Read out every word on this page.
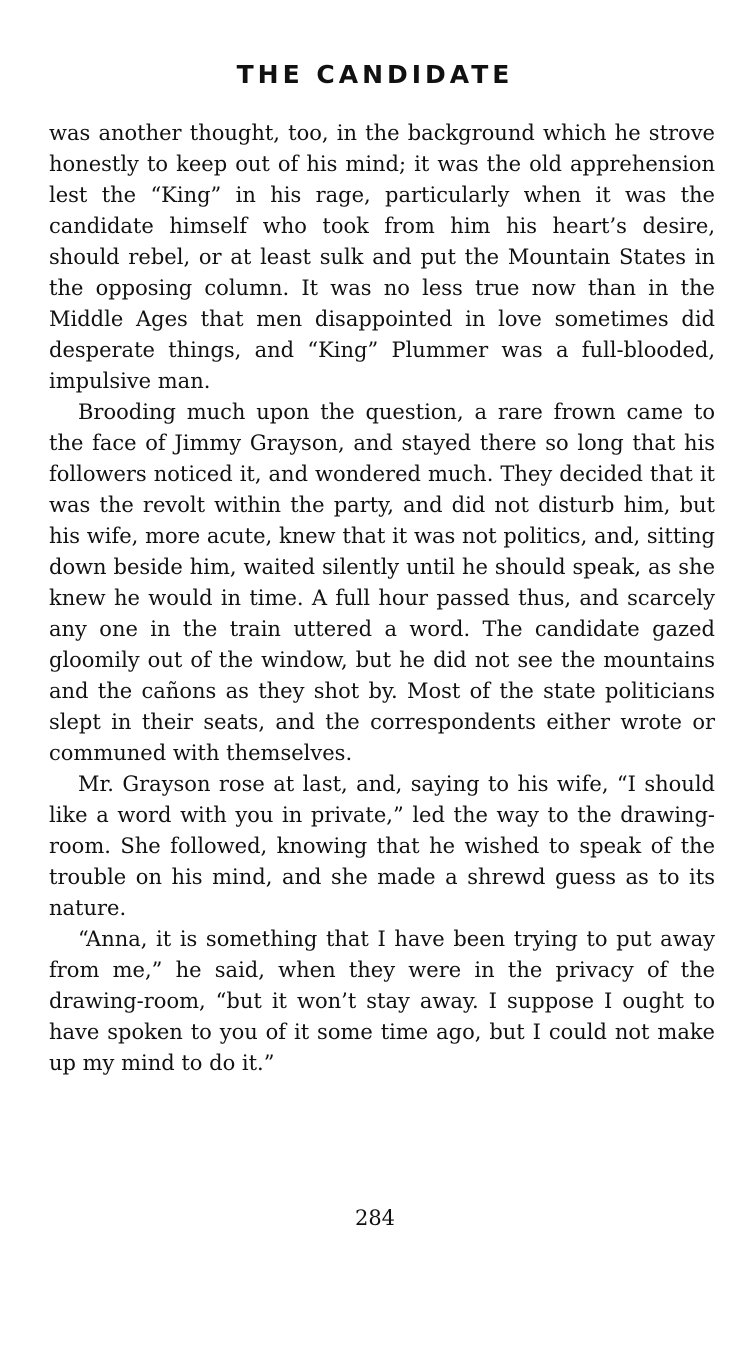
THE CANDIDATE

was another thought, too, in the background which he strove honestly to keep out of his mind; it was the old apprehension lest the “King” in his rage, particularly when it was the candidate himself who took from him his heart’s desire, should rebel, or at least sulk and put the Mountain States in the opposing column. It was no less true now than in the Middle Ages that men disappointed in love sometimes did desperate things, and “King” Plummer was a full-blooded, impulsive man.

Brooding much upon the question, a rare frown came to the face of Jimmy Grayson, and stayed there so long that his followers noticed it, and wondered much. They decided that it was the revolt within the party, and did not disturb him, but his wife, more acute, knew that it was not politics, and, sitting down beside him, waited silently until he should speak, as she knew he would in time. A full hour passed thus, and scarcely any one in the train uttered a word. The candidate gazed gloomily out of the window, but he did not see the mountains and the cañons as they shot by. Most of the state politicians slept in their seats, and the correspondents either wrote or communed with themselves.

Mr. Grayson rose at last, and, saying to his wife, “I should like a word with you in private,” led the way to the drawing-room. She followed, knowing that he wished to speak of the trouble on his mind, and she made a shrewd guess as to its nature.

“Anna, it is something that I have been trying to put away from me,” he said, when they were in the privacy of the drawing-room, “but it won’t stay away. I suppose I ought to have spoken to you of it some time ago, but I could not make up my mind to do it.”

284
